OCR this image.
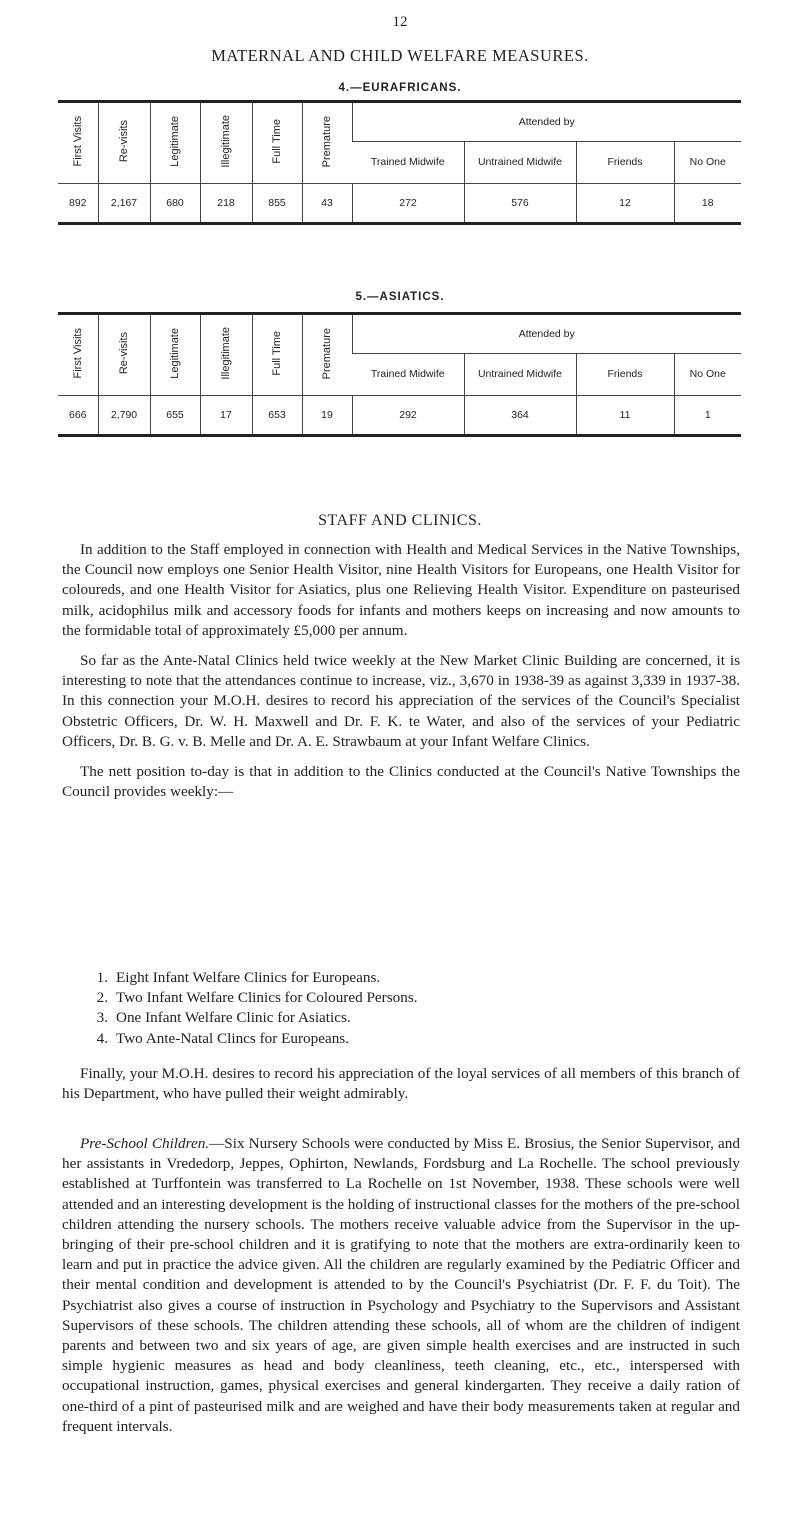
12
MATERNAL AND CHILD WELFARE MEASURES.
4.—EURAFRICANS.
First Visits	Re-visits	Legitimate	Illegitimate	Full Time	Premature	Attended by			
						Trained Midwife	Untrained Midwife	Friends	No One
892	2,167	680	218	855	43	272	576	12	18
5.—ASIATICS.
First Visits	Re-visits	Legitimate	Illegitimate	Full Time	Premature	Attended by			
						Trained Midwife	Untrained Midwife	Friends	No One
666	2,790	655	17	653	19	292	364	11	1
STAFF AND CLINICS.

In addition to the Staff employed in connection with Health and Medical Services in the Native Townships, the Council now employs one Senior Health Visitor, nine Health Visitors for Europeans, one Health Visitor for coloureds, and one Health Visitor for Asiatics, plus one Relieving Health Visitor. Expenditure on pasteurised milk, acidophilus milk and accessory foods for infants and mothers keeps on increasing and now amounts to the formidable total of approximately £5,000 per annum.

So far as the Ante-Natal Clinics held twice weekly at the New Market Clinic Building are concerned, it is interesting to note that the attendances continue to increase, viz., 3,670 in 1938-39 as against 3,339 in 1937-38. In this connection your M.O.H. desires to record his appreciation of the services of the Council's Specialist Obstetric Officers, Dr. W. H. Maxwell and Dr. F. K. te Water, and also of the services of your Pediatric Officers, Dr. B. G. v. B. Melle and Dr. A. E. Strawbaum at your Infant Welfare Clinics.

The nett position to-day is that in addition to the Clinics conducted at the Council's Native Townships the Council provides weekly:—

1. Eight Infant Welfare Clinics for Europeans.
2. Two Infant Welfare Clinics for Coloured Persons.
3. One Infant Welfare Clinic for Asiatics.
4. Two Ante-Natal Clincs for Europeans.

Finally, your M.O.H. desires to record his appreciation of the loyal services of all members of this branch of his Department, who have pulled their weight admirably.

Pre-School Children.—Six Nursery Schools were conducted by Miss E. Brosius, the Senior Supervisor, and her assistants in Vrededorp, Jeppes, Ophirton, Newlands, Fordsburg and La Rochelle. The school previously established at Turffontein was transferred to La Rochelle on 1st November, 1938. These schools were well attended and an interesting development is the holding of instructional classes for the mothers of the pre-school children attending the nursery schools. The mothers receive valuable advice from the Supervisor in the up-bringing of their pre-school children and it is gratifying to note that the mothers are extra-ordinarily keen to learn and put in practice the advice given. All the children are regularly examined by the Pediatric Officer and their mental condition and development is attended to by the Council's Psychiatrist (Dr. F. F. du Toit). The Psychiatrist also gives a course of instruction in Psychology and Psychiatry to the Supervisors and Assistant Supervisors of these schools. The children attending these schools, all of whom are the children of indigent parents and between two and six years of age, are given simple health exercises and are instructed in such simple hygienic measures as head and body cleanliness, teeth cleaning, etc., etc., interspersed with occupational instruction, games, physical exercises and general kindergarten. They receive a daily ration of one-third of a pint of pasteurised milk and are weighed and have their body measurements taken at regular and frequent intervals.
